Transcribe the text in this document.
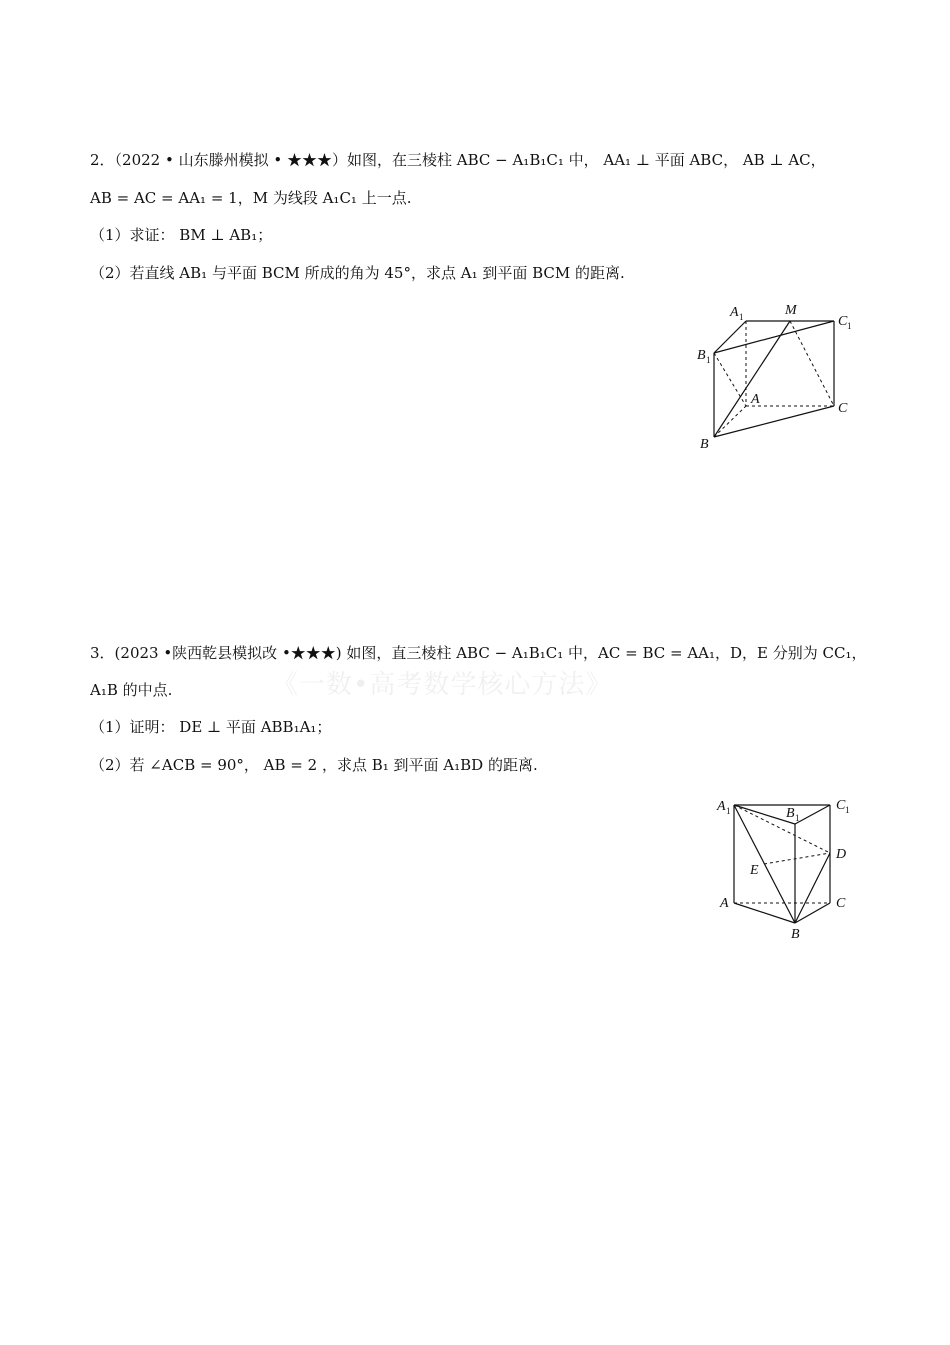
2．（2022 • 山东滕州模拟 • ★★★）如图，在三棱柱 ABC − A₁B₁C₁ 中， AA₁ ⊥ 平面 ABC， AB ⊥ AC，
AB = AC = AA₁ = 1，M 为线段 A₁C₁ 上一点.
（1）求证： BM ⊥ AB₁；
（2）若直线 AB₁ 与平面 BCM 所成的角为 45°，求点 A₁ 到平面 BCM 的距离.
A 1	M
C 1
B 1
A
C
B
《一数•高考数学核心方法》
3．(2023 •陕西乾县模拟改 •★★★) 如图，直三棱柱 ABC − A₁B₁C₁ 中，AC = BC = AA₁，D，E 分别为 CC₁，
A₁B 的中点.
（1）证明： DE ⊥ 平面 ABB₁A₁；
（2）若 ∠ACB = 90°， AB = 2 ，求点 B₁ 到平面 A₁BD 的距离.
A 1	B 1
C 1
D
E
A	C
B
